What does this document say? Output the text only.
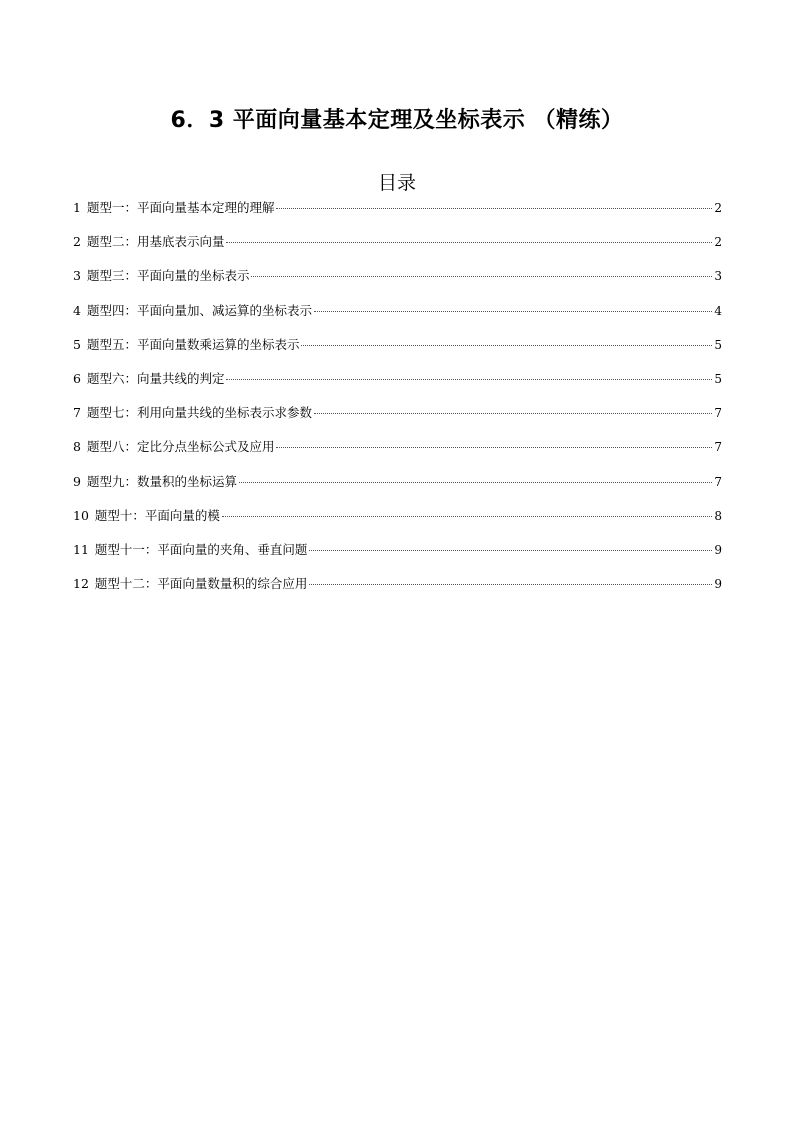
6．3 平面向量基本定理及坐标表示 （精练）
目录
1 题型一：平面向量基本定理的理解	2
2 题型二：用基底表示向量	2
3 题型三：平面向量的坐标表示	3
4 题型四：平面向量加、减运算的坐标表示	4
5 题型五：平面向量数乘运算的坐标表示	5
6 题型六：向量共线的判定	5
7 题型七：利用向量共线的坐标表示求参数	7
8 题型八：定比分点坐标公式及应用	7
9 题型九：数量积的坐标运算	7
10 题型十：平面向量的模	8
11 题型十一：平面向量的夹角、垂直问题	9
12 题型十二：平面向量数量积的综合应用	9
